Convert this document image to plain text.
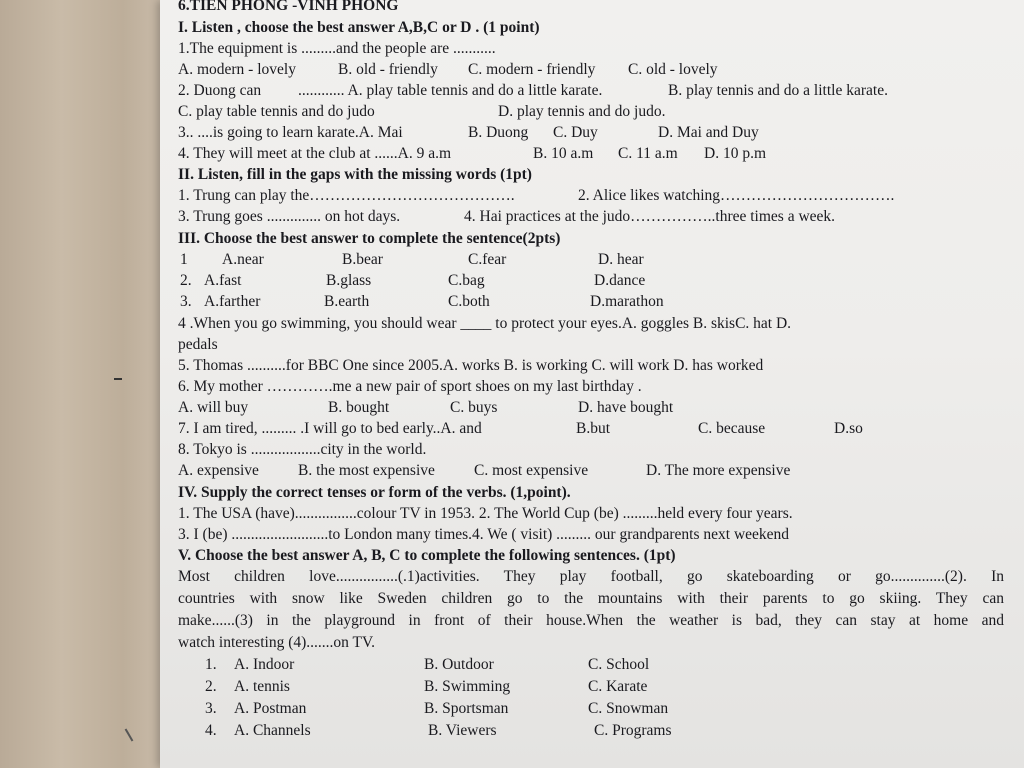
6.TIEN PHONG -VINH PHONG
I. Listen , choose the best answer A,B,C or D . (1 point)
1.The equipment is .........and the people are ...........
A. modern - lovely	B. old - friendly C. modern - friendly C. old - lovely
2. Duong can ............ A. play table tennis and do a little karate.	B. play tennis and do a little karate.
C. play table tennis and do judo	D. play tennis and do judo.
3.. ....is going to learn karate.A. Mai	B. Duong C. Duy	D. Mai and Duy
4. They will meet at the club at ......A. 9 a.m	B. 10 a.m C. 11 a.m D. 10 p.m
II. Listen, fill in the gaps with the missing words (1pt)
1. Trung can play the………………………………….	2. Alice likes watching…………………………….
3. Trung goes .............. on hot days.	4. Hai practices at the judo……………..three times a week.
III. Choose the best answer to complete the sentence(2pts)
1 A.near	B.bear	C.fear	D. hear
2. A.fast	B.glass	C.bag	D.dance
3. A.farther	B.earth	C.both	D.marathon
4 .When you go swimming, you should wear ____ to protect your eyes.A. goggles B. skisC. hat D.
pedals
5. Thomas ..........for BBC One since 2005.A. works B. is working C. will work D. has worked
6. My mother ………….me a new pair of sport shoes on my last birthday .
A. will buy	B. bought	C. buys	D. have bought
7. I am tired, ......... .I will go to bed early..A. and	B.but	C. because	D.so
8. Tokyo is ..................city in the world.
A. expensive	B. the most expensive	C. most expensive	D. The more expensive
IV. Supply the correct tenses or form of the verbs. (1,point).
1. The USA (have)................colour TV in 1953. 2. The World Cup (be) .........held every four years.
3. I (be) .........................to London many times.4. We ( visit) ......... our grandparents next weekend
V. Choose the best answer A, B, C to complete the following sentences. (1pt)
Most children love................(.1)activities. They play football, go skateboarding or go..............(2). In
countries with snow like Sweden children go to the mountains with their parents to go skiing. They can
make......(3) in the playground in front of their house.When the weather is bad, they can stay at home and
watch interesting (4).......on TV.
1. A. Indoor	B. Outdoor	C. School
2. A. tennis	B. Swimming	C. Karate
3. A. Postman	B. Sportsman	C. Snowman
4. A. Channels	B. Viewers	C. Programs
